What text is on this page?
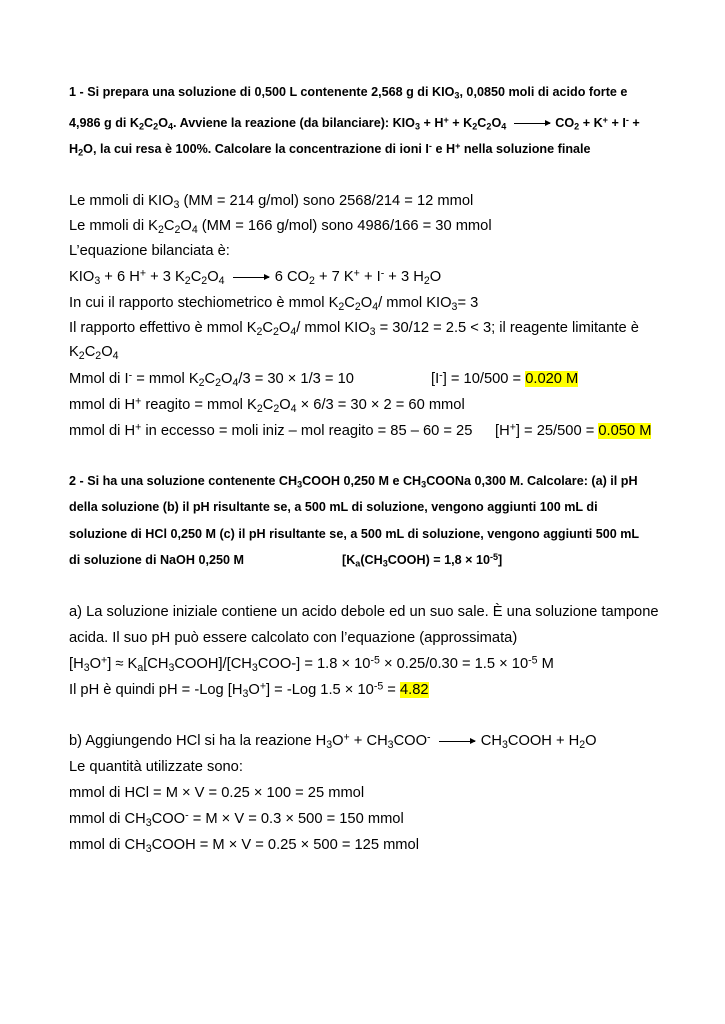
1 - Si prepara una soluzione di 0,500 L contenente 2,568 g di $KIO_3$, 0,0850 moli di acido forte e
4,986 g di $K_2C_2O_4$. Avviene la reazione (da bilanciare): $KIO_3 + H^+ + K_2C_2O_4 \to CO_2 + K^+ + I^-$ +
$H_2O$, la cui resa è 100%. Calcolare la concentrazione di ioni I- e H+ nella soluzione finale
Le mmoli di $KIO_3$ (MM = 214 g/mol) sono 2568/214 = 12 mmol
Le mmoli di $K_2C_2O_4$ (MM = 166 g/mol) sono 4986/166 = 30 mmol
L’equazione bilanciata è:
$KIO_3 + 6$ H+ + 3 $K_2C_2O_4 \to 6$ $CO_2 + 7$ K+ + I- + 3 $H_2O$
In cui il rapporto stechiometrico è mmol $K_2C_2O_4/$ mmol $KIO_3= 3$
Il rapporto effettivo è mmol $K_2C_2O_4/$ mmol $KIO_3 = 30/12 = 2.5 < 3$; il reagente limitante è
$K_2C_2O_4$
Mmol di I- = mmol $K_2C_2O_4/3 = 30 \times 1/3 = 10$	[I-] = 10/500 = 0.020 M
mmol di H+ reagito = mmol $K_2C_2O_4 \times 6/3 = 30 \times 2 = 60$ mmol
mmol di H+ in eccesso = moli iniz – mol reagito = 85 – 60 = 25 [H+] = 25/500 = 0.050 M
2 - Si ha una soluzione contenente $CH_3COOH$ 0,250 M e $CH_3COONa$ 0,300 M. Calcolare: (a) il pH
della soluzione (b) il pH risultante se, a 500 mL di soluzione, vengono aggiunti 100 mL di
soluzione di HCl 0,250 M (c) il pH risultante se, a 500 mL di soluzione, vengono aggiunti 500 mL
di soluzione di NaOH 0,250 M	$[K_a(CH_3COOH) = 1,8 \times 10^{-5}]$
a) La soluzione iniziale contiene un acido debole ed un suo sale. È una soluzione tampone
acida. Il suo pH può essere calcolato con l’equazione (approssimata)
$[H_3O^+]$ ≈ $K_a[CH_3COOH]/[CH_3COO-] = 1.8 \times 10^{-5} \times 0.25/0.30 = 1.5 \times 10^{-5}$ M
Il pH è quindi pH = -Log $[H_3O^+] = -Log$ $1.5 \times 10^{-5} = 4.82$
b) Aggiungendo HCl si ha la reazione $H_3O^+ + CH_3COO^-$ → $CH_3COOH + H_2O$
Le quantità utilizzate sono:
mmol di HCl = M × V = 0.25 × 100 = 25 mmol
mmol di $CH_3COO^- = M \times V = 0.3 \times 500 = 150$ mmol
mmol di $CH_3COOH = M \times V = 0.25 \times 500 = 125$ mmol
